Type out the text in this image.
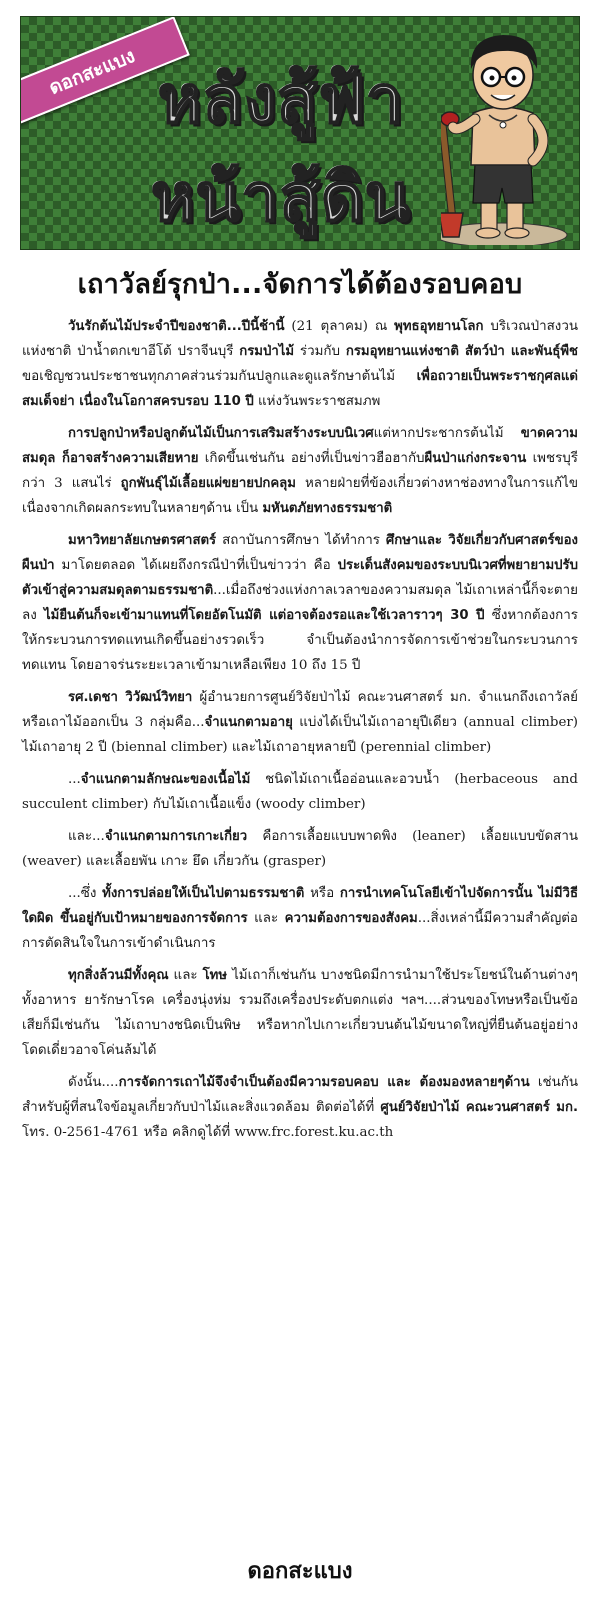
ดอกสะแบง หลังสู้ฟ้า
หน้าสู้ดิน
เถาวัลย์รุกป่า...จัดการได้ต้องรอบคอบ

วันรักต้นไม้ประจำปีของชาติ...ปีนี้ช้านี้ (21 ตุลาคม) ณ พุทธอุทยานโลก บริเวณป่าสงวนแห่งชาติ ป่าน้ำตกเขาอีโต้ ปราจีนบุรี กรมป่าไม้ ร่วมกับ กรมอุทยานแห่งชาติ สัตว์ป่า และพันธุ์พืช ขอเชิญชวนประชาชนทุกภาคส่วนร่วมกันปลูกและดูแลรักษาต้นไม้ เพื่อถวายเป็นพระราชกุศลแด่สมเด็จย่า เนื่องในโอกาสครบรอบ 110 ปี แห่งวันพระราชสมภพ

การปลูกป่าหรือปลูกต้นไม้เป็นการเสริมสร้างระบบนิเวศแต่หากประชากรต้นไม้ ขาดความสมดุล ก็อาจสร้างความเสียหาย เกิดขึ้นเช่นกัน อย่างที่เป็นข่าวฮือฮากับผืนป่าแก่งกระจาน เพชรบุรี กว่า 3 แสนไร่ ถูกพันธุ์ไม้เลื้อยแผ่ขยายปกคลุม หลายฝ่ายที่ข้องเกี่ยวต่างหาช่องทางในการแก้ไข เนื่องจากเกิดผลกระทบในหลายๆด้าน เป็น มหันตภัยทางธรรมชาติ

มหาวิทยาลัยเกษตรศาสตร์ สถาบันการศึกษา ได้ทำการ ศึกษาและ วิจัยเกี่ยวกับศาสตร์ของผืนป่า มาโดยตลอด ได้เผยถึงกรณีป่าที่เป็นข่าวว่า คือ ประเด็นสังคมของระบบนิเวศที่พยายามปรับตัวเข้าสู่ความสมดุลตามธรรมชาติ...เมื่อถึงช่วงแห่งกาลเวลาของความสมดุล ไม้เถาเหล่านี้ก็จะตายลง ไม้ยืนต้นก็จะเข้ามาแทนที่โดยอัตโนมัติ แต่อาจต้องรอและใช้เวลาราวๆ 30 ปี ซึ่งหากต้องการให้กระบวนการทดแทนเกิดขึ้นอย่างรวดเร็ว จำเป็นต้องนำการจัดการเข้าช่วยในกระบวนการทดแทน โดยอาจร่นระยะเวลาเข้ามาเหลือเพียง 10 ถึง 15 ปี

รศ.เดชา วิวัฒน์วิทยา ผู้อำนวยการศูนย์วิจัยป่าไม้ คณะวนศาสตร์ มก. จำแนกถึงเถาวัลย์หรือเถาไม้ออกเป็น 3 กลุ่มคือ...จำแนกตามอายุ แบ่งได้เป็นไม้เถาอายุปีเดียว (annual climber) ไม้เถาอายุ 2 ปี (biennal climber) และไม้เถาอายุหลายปี (perennial climber)

...จำแนกตามลักษณะของเนื้อไม้ ชนิดไม้เถาเนื้ออ่อนและอวบน้ำ (herbaceous and succulent climber) กับไม้เถาเนื้อแข็ง (woody climber)

และ...จำแนกตามการเกาะเกี่ยว คือการเลื้อยแบบพาดพิง (leaner) เลื้อยแบบขัดสาน (weaver) และเลื้อยพัน เกาะ ยึด เกี่ยวกัน (grasper)

...ซึ่ง ทั้งการปล่อยให้เป็นไปตามธรรมชาติ หรือ การนำเทคโนโลยีเข้าไปจัดการนั้น ไม่มีวิธีใดผิด ขึ้นอยู่กับเป้าหมายของการจัดการ และ ความต้องการของสังคม...สิ่งเหล่านี้มีความสำคัญต่อการตัดสินใจในการเข้าดำเนินการ

ทุกสิ่งล้วนมีทั้งคุณ และ โทษ ไม้เถาก็เช่นกัน บางชนิดมีการนำมาใช้ประโยชน์ในด้านต่างๆ ทั้งอาหาร ยารักษาโรค เครื่องนุ่งห่ม รวมถึงเครื่องประดับตกแต่ง ฯลฯ....ส่วนของโทษหรือเป็นข้อเสียก็มีเช่นกัน ไม้เถาบางชนิดเป็นพิษ หรือหากไปเกาะเกี่ยวบนต้นไม้ขนาดใหญ่ที่ยืนต้นอยู่อย่างโดดเดี่ยวอาจโค่นล้มได้

ดังนั้น....การจัดการเถาไม้จึงจำเป็นต้องมีความรอบคอบ และ ต้องมองหลายๆด้าน เช่นกัน สำหรับผู้ที่สนใจข้อมูลเกี่ยวกับป่าไม้และสิ่งแวดล้อม ติดต่อได้ที่ ศูนย์วิจัยป่าไม้ คณะวนศาสตร์ มก. โทร. 0-2561-4761 หรือ คลิกดูได้ที่ www.frc.forest.ku.ac.th

ดอกสะแบง
